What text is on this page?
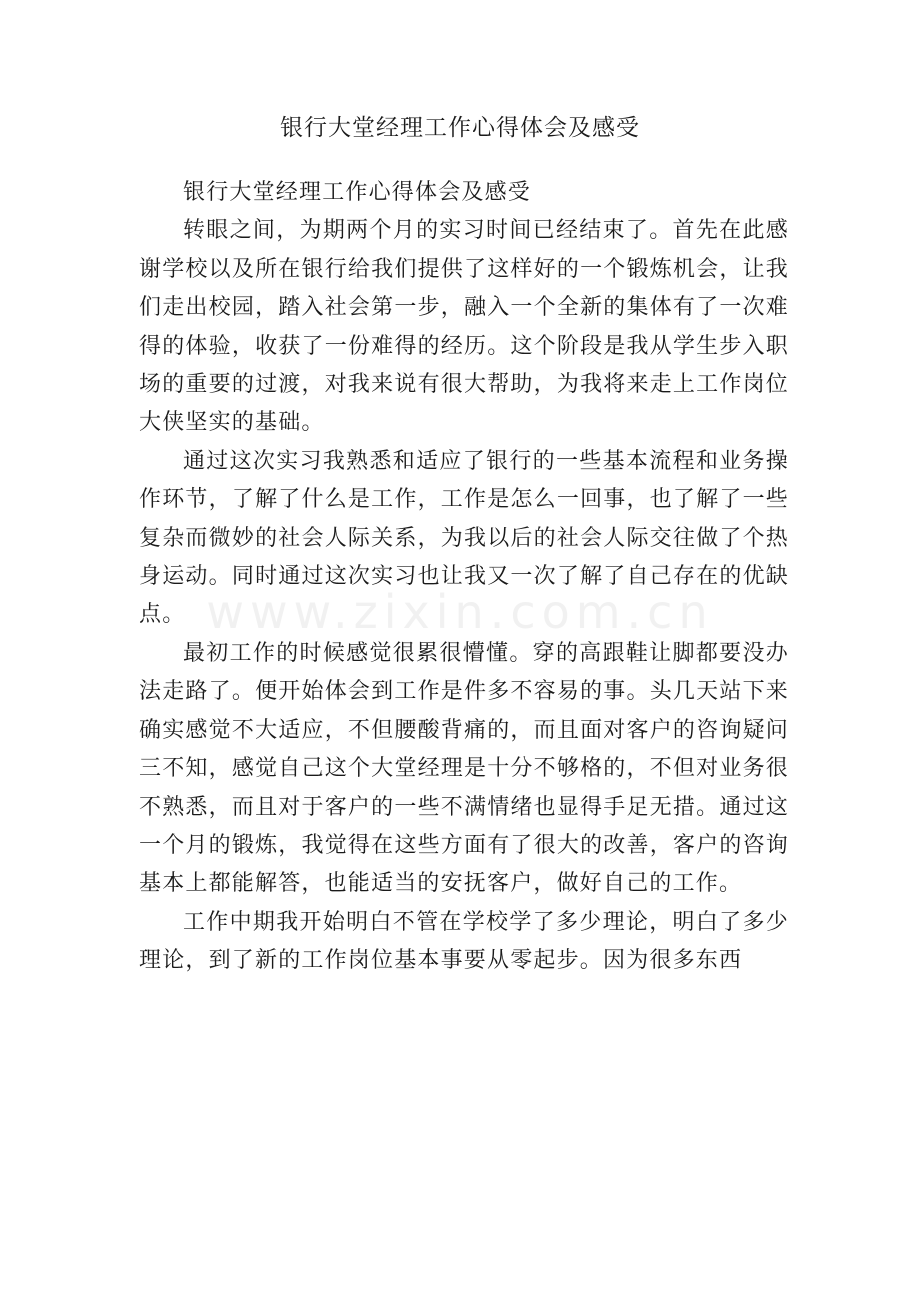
银行大堂经理工作心得体会及感受

银行大堂经理工作心得体会及感受

转眼之间，为期两个月的实习时间已经结束了。首先在此感谢学校以及所在银行给我们提供了这样好的一个锻炼机会，让我们走出校园，踏入社会第一步，融入一个全新的集体有了一次难得的体验，收获了一份难得的经历。这个阶段是我从学生步入职场的重要的过渡，对我来说有很大帮助，为我将来走上工作岗位大侠坚实的基础。

通过这次实习我熟悉和适应了银行的一些基本流程和业务操作环节，了解了什么是工作，工作是怎么一回事，也了解了一些复杂而微妙的社会人际关系，为我以后的社会人际交往做了个热身运动。同时通过这次实习也让我又一次了解了自己存在的优缺点。

最初工作的时候感觉很累很懵懂。穿的高跟鞋让脚都要没办法走路了。便开始体会到工作是件多不容易的事。头几天站下来确实感觉不大适应，不但腰酸背痛的，而且面对客户的咨询疑问三不知，感觉自己这个大堂经理是十分不够格的，不但对业务很不熟悉，而且对于客户的一些不满情绪也显得手足无措。通过这一个月的锻炼，我觉得在这些方面有了很大的改善，客户的咨询基本上都能解答，也能适当的安抚客户，做好自己的工作。

工作中期我开始明白不管在学校学了多少理论，明白了多少理论，到了新的工作岗位基本事要从零起步。因为很多东西

www.zixin.com.cn
